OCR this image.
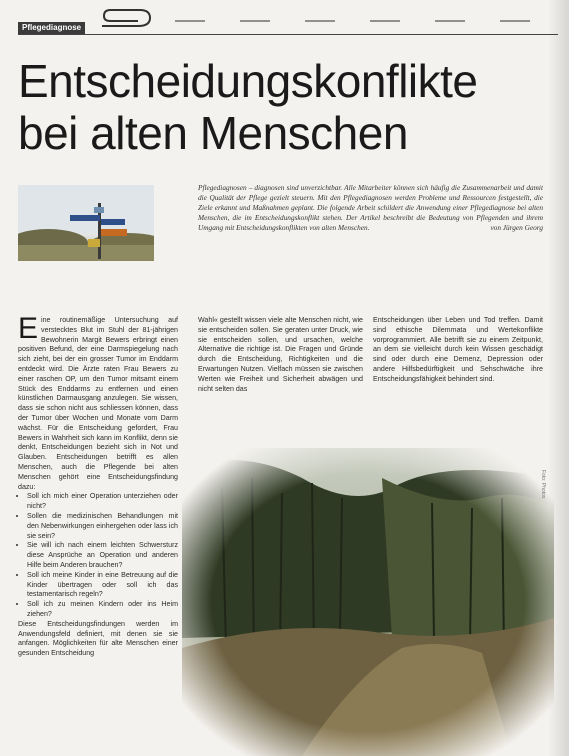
Pflegediagnose
Entscheidungskonflikte
bei alten Menschen

Pflegediagnosen – diagnosen sind unverzichtbar. Alle Mitarbeiter können sich häufig die Zusammenarbeit und damit die Qualität der Pflege gezielt steuern. Mit den Pflegediagnosen werden Probleme und Ressourcen festgestellt, die Ziele erkannt und Maßnahmen geplant. Die folgende Arbeit schildert die Anwendung einer Pflegediagnose bei alten Menschen, die im Entscheidungskonflikt stehen. Der Artikel beschreibt die Bedeutung von Pflegenden und ihrem Umgang mit Entscheidungskonflikten von alten Menschen.	von Jürgen Georg

E ine routinemäßige Untersuchung auf verstecktes Blut im Stuhl der 81-jährigen Bewohnerin Margit Bewers erbringt einen positiven Befund, der eine Darmspiegelung nach sich zieht, bei der ein grosser Tumor im Enddarm entdeckt wird. Die Ärzte raten Frau Bewers zu einer raschen OP, um den Tumor mitsamt einem Stück des Enddarms zu entfernen und einen künstlichen Darmausgang anzulegen. Sie wissen, dass sie schon nicht aus schliessen können, dass der Tumor über Wochen und Monate vom Darm wächst. Für die Entscheidung gefordert, Frau Bewers in Wahrheit sich kann im Konflikt, denn sie denkt, Entscheidungen bezieht sich in Not und Glauben. Entscheidungen betrifft es allen Menschen, auch die Pflegende bei alten Menschen gehört eine Entscheidungsfindung dazu:
• Soll ich mich einer Operation unterziehen oder nicht?
• Sollen die medizinischen Behandlungen mit den Nebenwirkungen einhergehen oder lass ich sie sein?
• Sie will ich nach einem leichten Schwersturz diese Ansprüche an Operation und anderen Hilfe beim Anderen brauchen?
• Soll ich meine Kinder in eine Betreuung auf die Kinder übertragen oder soll ich das testamentarisch regeln?
• Soll ich zu meinen Kindern oder ins Heim ziehen?
Diese Entscheidungsfindungen werden im Anwendungsfeld definiert, mit denen sie sie anfangen. Möglichkeiten für alte Menschen einer gesunden Entscheidung
Wahl« gestellt wissen viele alte Menschen nicht, wie sie entscheiden sollen. Sie geraten unter Druck, wie sie entscheiden sollen, und ursachen, welche Alternative die richtige ist. Die Fragen und Gründe durch die Entscheidung, Richtigkeiten und die Erwartungen Nutzen. Vielfach müssen sie zwischen Werten wie Freiheit und Sicherheit abwägen und nicht selten das
Entscheidungen über Leben und Tod treffen. Damit sind ethische Dilemmata und Wertekonflikte vorprogrammiert. Alle betrifft sie zu einem Zeitpunkt, an dem sie vielleicht durch kein Wissen geschädigt sind oder durch eine Demenz, Depression oder andere Hilfsbedürftigkeit und Sehschwäche ihre Entscheidungsfähigkeit behindert sind.
Foto: Photos
